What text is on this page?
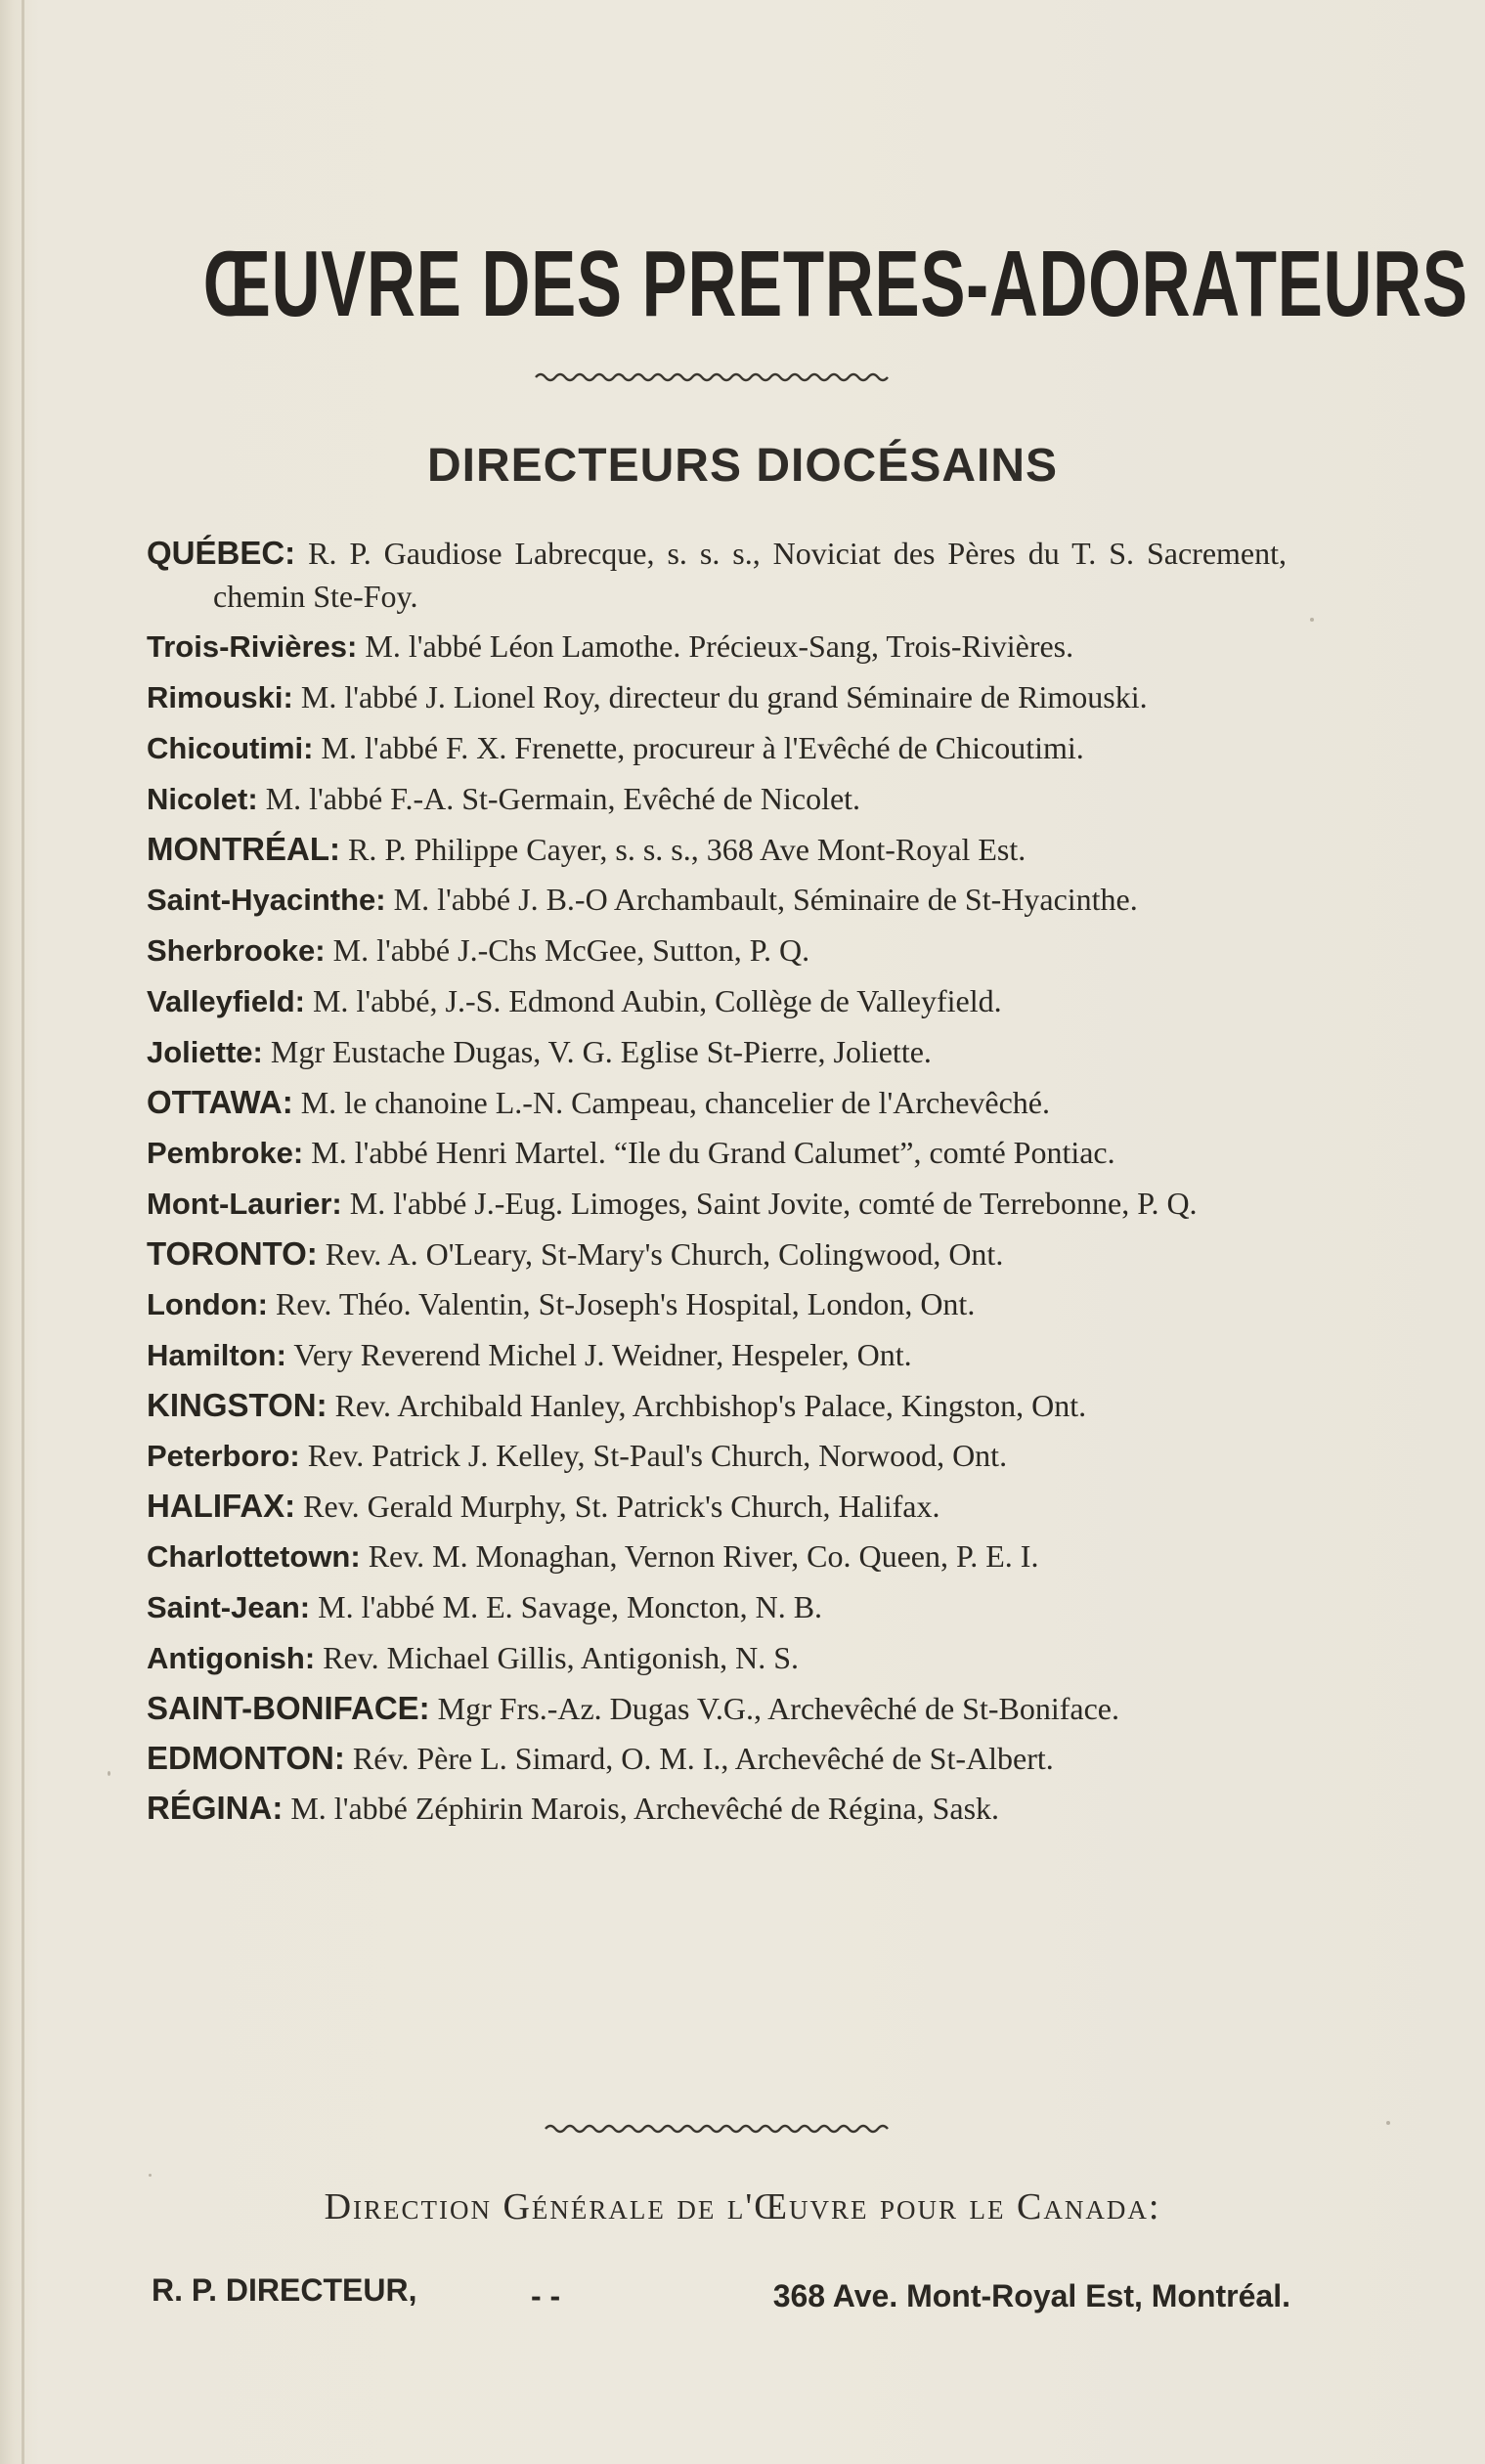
ŒUVRE DES PRETRES-ADORATEURS
DIRECTEURS DIOCÉSAINS
QUÉBEC: R. P. Gaudiose Labrecque, s. s. s., Noviciat des Pères du T. S. Sacrement, chemin Ste-Foy.
Trois-Rivières: M. l'abbé Léon Lamothe. Précieux-Sang, Trois-Rivières.
Rimouski: M. l'abbé J. Lionel Roy, directeur du grand Séminaire de Rimouski.
Chicoutimi: M. l'abbé F. X. Frenette, procureur à l'Evêché de Chicoutimi.
Nicolet: M. l'abbé F.-A. St-Germain, Evêché de Nicolet.
MONTRÉAL: R. P. Philippe Cayer, s. s. s., 368 Ave Mont-Royal Est.
Saint-Hyacinthe: M. l'abbé J. B.-O Archambault, Séminaire de St-Hyacinthe.
Sherbrooke: M. l'abbé J.-Chs McGee, Sutton, P. Q.
Valleyfield: M. l'abbé, J.-S. Edmond Aubin, Collège de Valleyfield.
Joliette: Mgr Eustache Dugas, V. G. Eglise St-Pierre, Joliette.
OTTAWA: M. le chanoine L.-N. Campeau, chancelier de l'Archevêché.
Pembroke: M. l'abbé Henri Martel. “Ile du Grand Calumet”, comté Pontiac.
Mont-Laurier: M. l'abbé J.-Eug. Limoges, Saint Jovite, comté de Terrebonne, P. Q.
TORONTO: Rev. A. O'Leary, St-Mary's Church, Colingwood, Ont.
London: Rev. Théo. Valentin, St-Joseph's Hospital, London, Ont.
Hamilton: Very Reverend Michel J. Weidner, Hespeler, Ont.
KINGSTON: Rev. Archibald Hanley, Archbishop's Palace, Kingston, Ont.
Peterboro: Rev. Patrick J. Kelley, St-Paul's Church, Norwood, Ont.
HALIFAX: Rev. Gerald Murphy, St. Patrick's Church, Halifax.
Charlottetown: Rev. M. Monaghan, Vernon River, Co. Queen, P. E. I.
Saint-Jean: M. l'abbé M. E. Savage, Moncton, N. B.
Antigonish: Rev. Michael Gillis, Antigonish, N. S.
SAINT-BONIFACE: Mgr Frs.-Az. Dugas V.G., Archevêché de St-Boniface.
EDMONTON: Rév. Père L. Simard, O. M. I., Archevêché de St-Albert.
RÉGINA: M. l'abbé Zéphirin Marois, Archevêché de Régina, Sask.
Direction Générale de l'Œuvre pour le Canada:
R. P. DIRECTEUR,	- -	368 Ave. Mont-Royal Est, Montréal.
